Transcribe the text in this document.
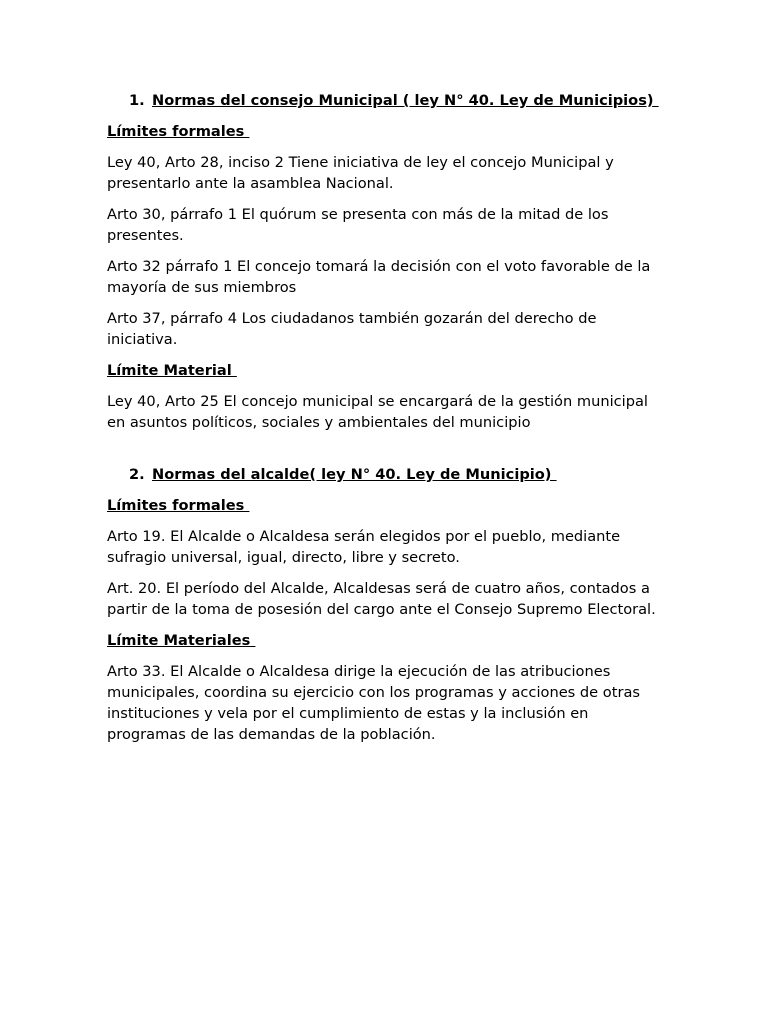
1. Normas del consejo Municipal ( ley N° 40. Ley de Municipios)
Límites formales

Ley 40, Arto 28, inciso 2 Tiene iniciativa de ley el concejo Municipal y presentarlo ante la asamblea Nacional.

Arto 30, párrafo 1 El quórum se presenta con más de la mitad de los presentes.

Arto 32 párrafo 1 El concejo tomará la decisión con el voto favorable de la mayoría de sus miembros

Arto 37, párrafo 4 Los ciudadanos también gozarán del derecho de iniciativa.

Límite Material

Ley 40, Arto 25 El concejo municipal se encargará de la gestión municipal en asuntos políticos, sociales y ambientales del municipio

2. Normas del alcalde( ley N° 40. Ley de Municipio)
Límites formales

Arto 19. El Alcalde o Alcaldesa serán elegidos por el pueblo, mediante sufragio universal, igual, directo, libre y secreto.

Art. 20. El período del Alcalde, Alcaldesas será de cuatro años, contados a partir de la toma de posesión del cargo ante el Consejo Supremo Electoral.

Límite Materiales

Arto 33. El Alcalde o Alcaldesa dirige la ejecución de las atribuciones municipales, coordina su ejercicio con los programas y acciones de otras instituciones y vela por el cumplimiento de estas y la inclusión en programas de las demandas de la población.
